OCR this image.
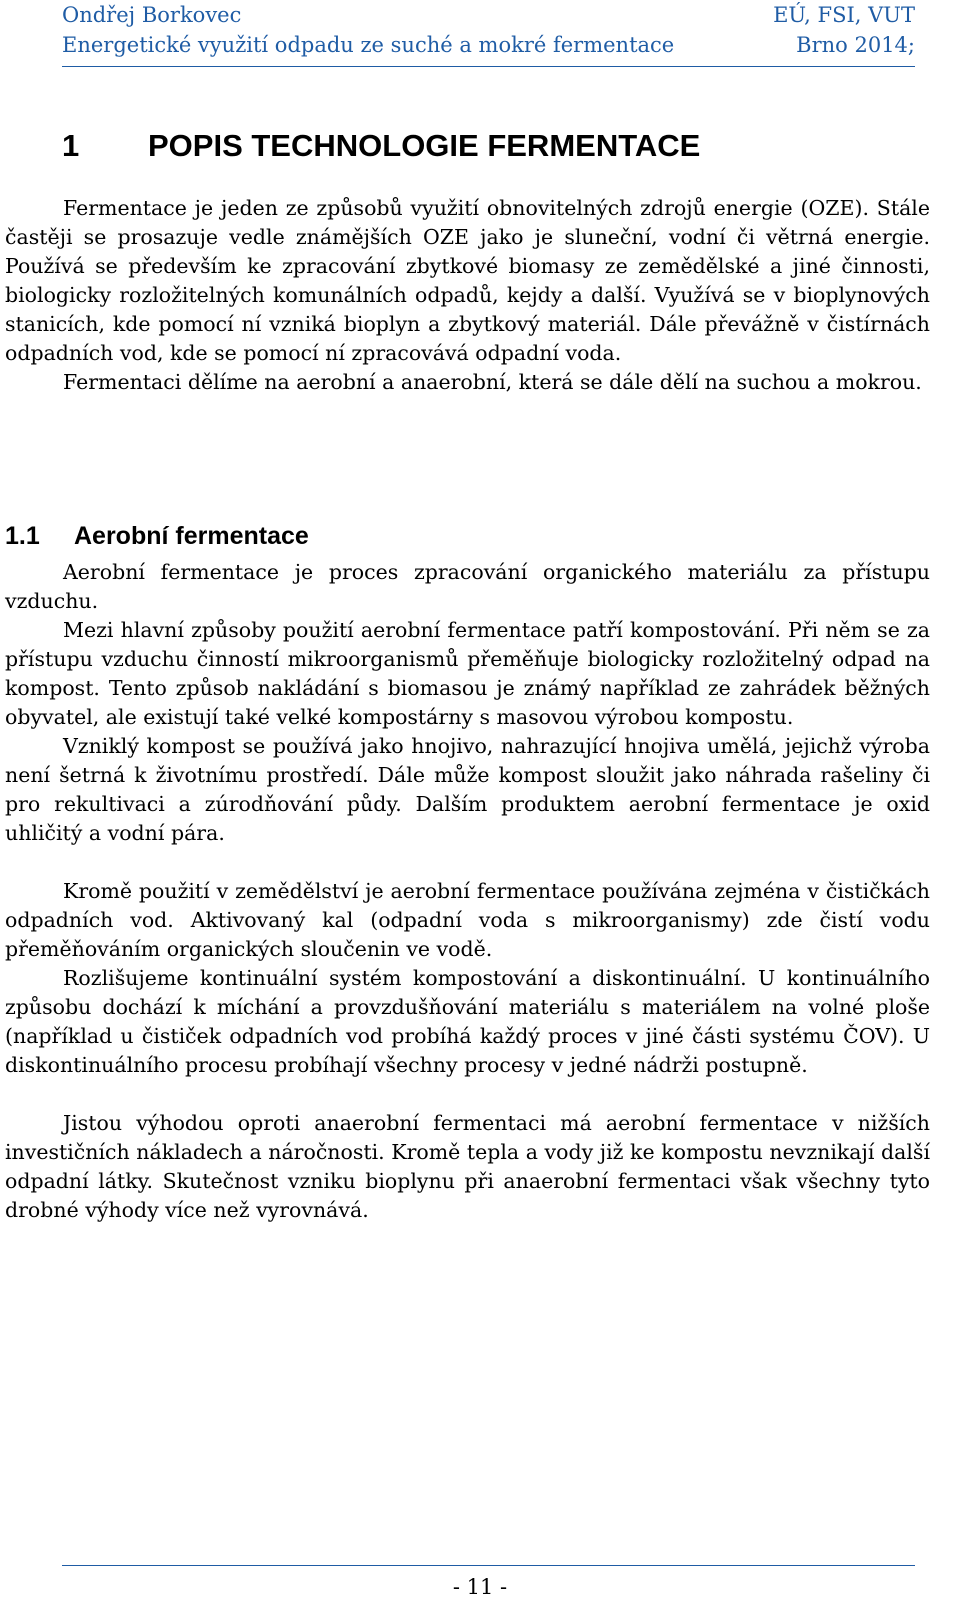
Ondřej Borkovec	EÚ, FSI, VUT
Energetické využití odpadu ze suché a mokré fermentace	Brno 2014;
1 POPIS TECHNOLOGIE FERMENTACE

Fermentace je jeden ze způsobů využití obnovitelných zdrojů energie (OZE). Stále častěji se prosazuje vedle známějších OZE jako je sluneční, vodní či větrná energie. Používá se především ke zpracování zbytkové biomasy ze zemědělské a jiné činnosti, biologicky rozložitelných komunálních odpadů, kejdy a další. Využívá se v bioplynových stanicích, kde pomocí ní vzniká bioplyn a zbytkový materiál. Dále převážně v čistírnách odpadních vod, kde se pomocí ní zpracovává odpadní voda.

Fermentaci dělíme na aerobní a anaerobní, která se dále dělí na suchou a mokrou.

1.1 Aerobní fermentace

Aerobní fermentace je proces zpracování organického materiálu za přístupu vzduchu.

Mezi hlavní způsoby použití aerobní fermentace patří kompostování. Při něm se za přístupu vzduchu činností mikroorganismů přeměňuje biologicky rozložitelný odpad na kompost. Tento způsob nakládání s biomasou je známý například ze zahrádek běžných obyvatel, ale existují také velké kompostárny s masovou výrobou kompostu.

Vzniklý kompost se používá jako hnojivo, nahrazující hnojiva umělá, jejichž výroba není šetrná k životnímu prostředí. Dále může kompost sloužit jako náhrada rašeliny či pro rekultivaci a zúrodňování půdy. Dalším produktem aerobní fermentace je oxid uhličitý a vodní pára.

Kromě použití v zemědělství je aerobní fermentace používána zejména v čističkách odpadních vod. Aktivovaný kal (odpadní voda s mikroorganismy) zde čistí vodu přeměňováním organických sloučenin ve vodě.

Rozlišujeme kontinuální systém kompostování a diskontinuální. U kontinuálního způsobu dochází k míchání a provzdušňování materiálu s materiálem na volné ploše (například u čističek odpadních vod probíhá každý proces v jiné části systému ČOV). U diskontinuálního procesu probíhají všechny procesy v jedné nádrži postupně.

Jistou výhodou oproti anaerobní fermentaci má aerobní fermentace v nižších investičních nákladech a náročnosti. Kromě tepla a vody již ke kompostu nevznikají další odpadní látky. Skutečnost vzniku bioplynu při anaerobní fermentaci však všechny tyto drobné výhody více než vyrovnává.

- 11 -
